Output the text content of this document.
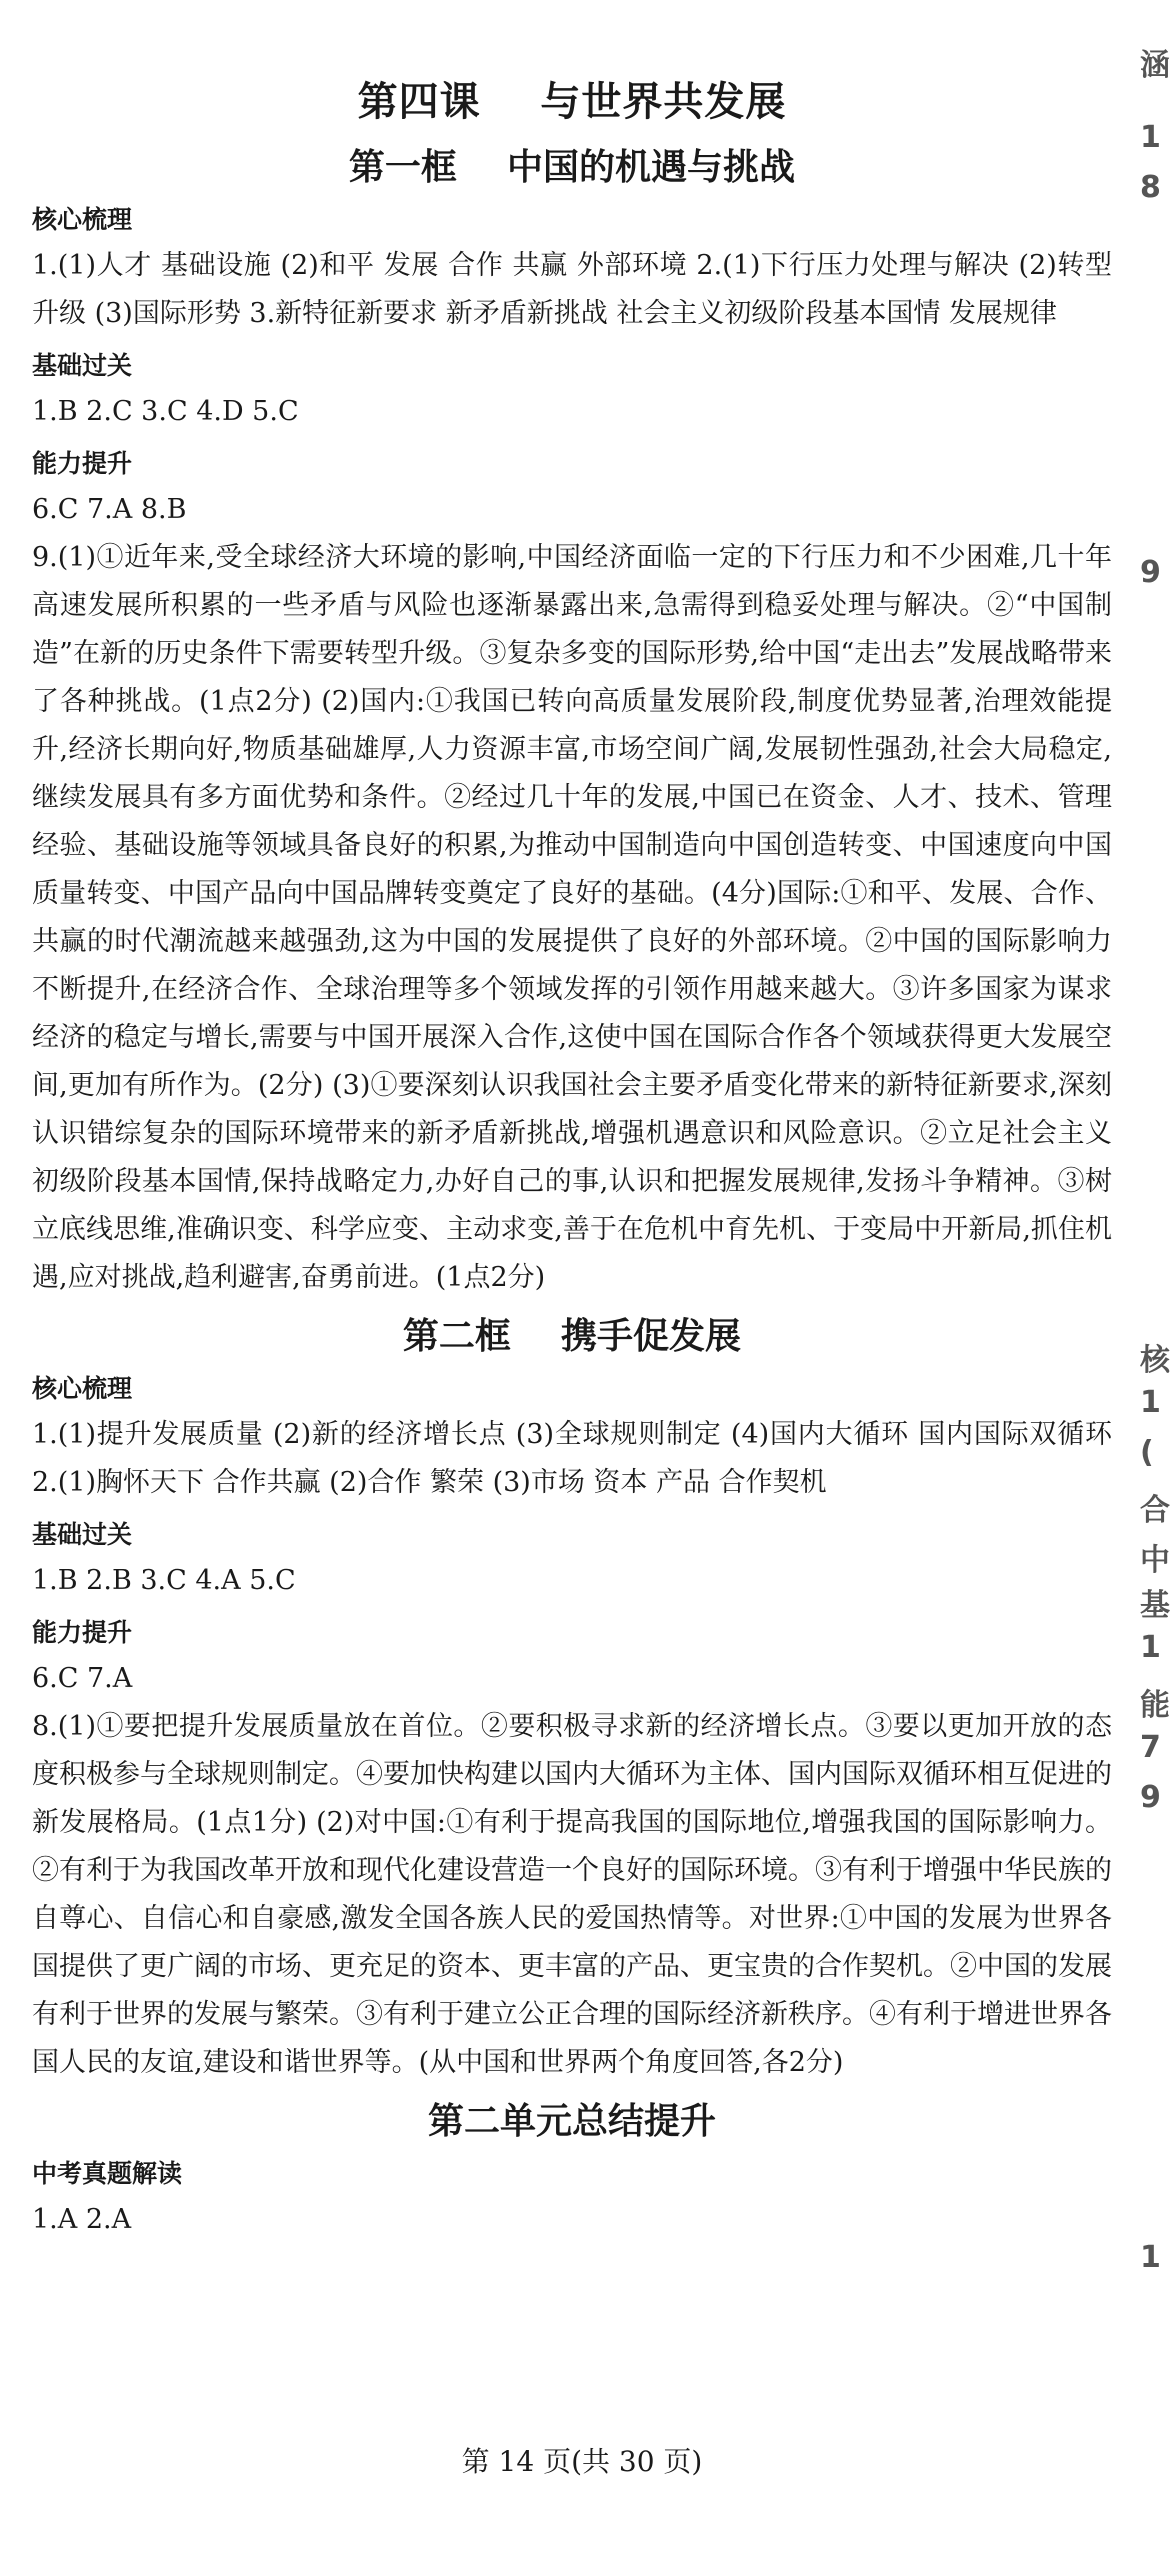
涵
1
8
9
核
1
(
合
中
基
1
能
7
9
1
第四课    与世界共发展
第一框    中国的机遇与挑战
核心梳理
1.(1)人才 基础设施 (2)和平 发展 合作 共赢 外部环境 2.(1)下行压力处理与解决 (2)转型升级 (3)国际形势 3.新特征新要求 新矛盾新挑战 社会主义初级阶段基本国情 发展规律
基础过关
1.B 2.C 3.C 4.D 5.C
能力提升
6.C 7.A 8.B
9.(1)①近年来,受全球经济大环境的影响,中国经济面临一定的下行压力和不少困难,几十年高速发展所积累的一些矛盾与风险也逐渐暴露出来,急需得到稳妥处理与解决。②“中国制造”在新的历史条件下需要转型升级。③复杂多变的国际形势,给中国“走出去”发展战略带来了各种挑战。(1点2分) (2)国内:①我国已转向高质量发展阶段,制度优势显著,治理效能提升,经济长期向好,物质基础雄厚,人力资源丰富,市场空间广阔,发展韧性强劲,社会大局稳定,继续发展具有多方面优势和条件。②经过几十年的发展,中国已在资金、人才、技术、管理经验、基础设施等领域具备良好的积累,为推动中国制造向中国创造转变、中国速度向中国质量转变、中国产品向中国品牌转变奠定了良好的基础。(4分)国际:①和平、发展、合作、共赢的时代潮流越来越强劲,这为中国的发展提供了良好的外部环境。②中国的国际影响力不断提升,在经济合作、全球治理等多个领域发挥的引领作用越来越大。③许多国家为谋求经济的稳定与增长,需要与中国开展深入合作,这使中国在国际合作各个领域获得更大发展空间,更加有所作为。(2分) (3)①要深刻认识我国社会主要矛盾变化带来的新特征新要求,深刻认识错综复杂的国际环境带来的新矛盾新挑战,增强机遇意识和风险意识。②立足社会主义初级阶段基本国情,保持战略定力,办好自己的事,认识和把握发展规律,发扬斗争精神。③树立底线思维,准确识变、科学应变、主动求变,善于在危机中育先机、于变局中开新局,抓住机遇,应对挑战,趋利避害,奋勇前进。(1点2分)
第二框    携手促发展
核心梳理
1.(1)提升发展质量 (2)新的经济增长点 (3)全球规则制定 (4)国内大循环 国内国际双循环 2.(1)胸怀天下 合作共赢 (2)合作 繁荣 (3)市场 资本 产品 合作契机
基础过关
1.B 2.B 3.C 4.A 5.C
能力提升
6.C 7.A
8.(1)①要把提升发展质量放在首位。②要积极寻求新的经济增长点。③要以更加开放的态度积极参与全球规则制定。④要加快构建以国内大循环为主体、国内国际双循环相互促进的新发展格局。(1点1分) (2)对中国:①有利于提高我国的国际地位,增强我国的国际影响力。②有利于为我国改革开放和现代化建设营造一个良好的国际环境。③有利于增强中华民族的自尊心、自信心和自豪感,激发全国各族人民的爱国热情等。对世界:①中国的发展为世界各国提供了更广阔的市场、更充足的资本、更丰富的产品、更宝贵的合作契机。②中国的发展有利于世界的发展与繁荣。③有利于建立公正合理的国际经济新秩序。④有利于增进世界各国人民的友谊,建设和谐世界等。(从中国和世界两个角度回答,各2分)
第二单元总结提升
中考真题解读
1.A 2.A
第 14 页(共 30 页)
